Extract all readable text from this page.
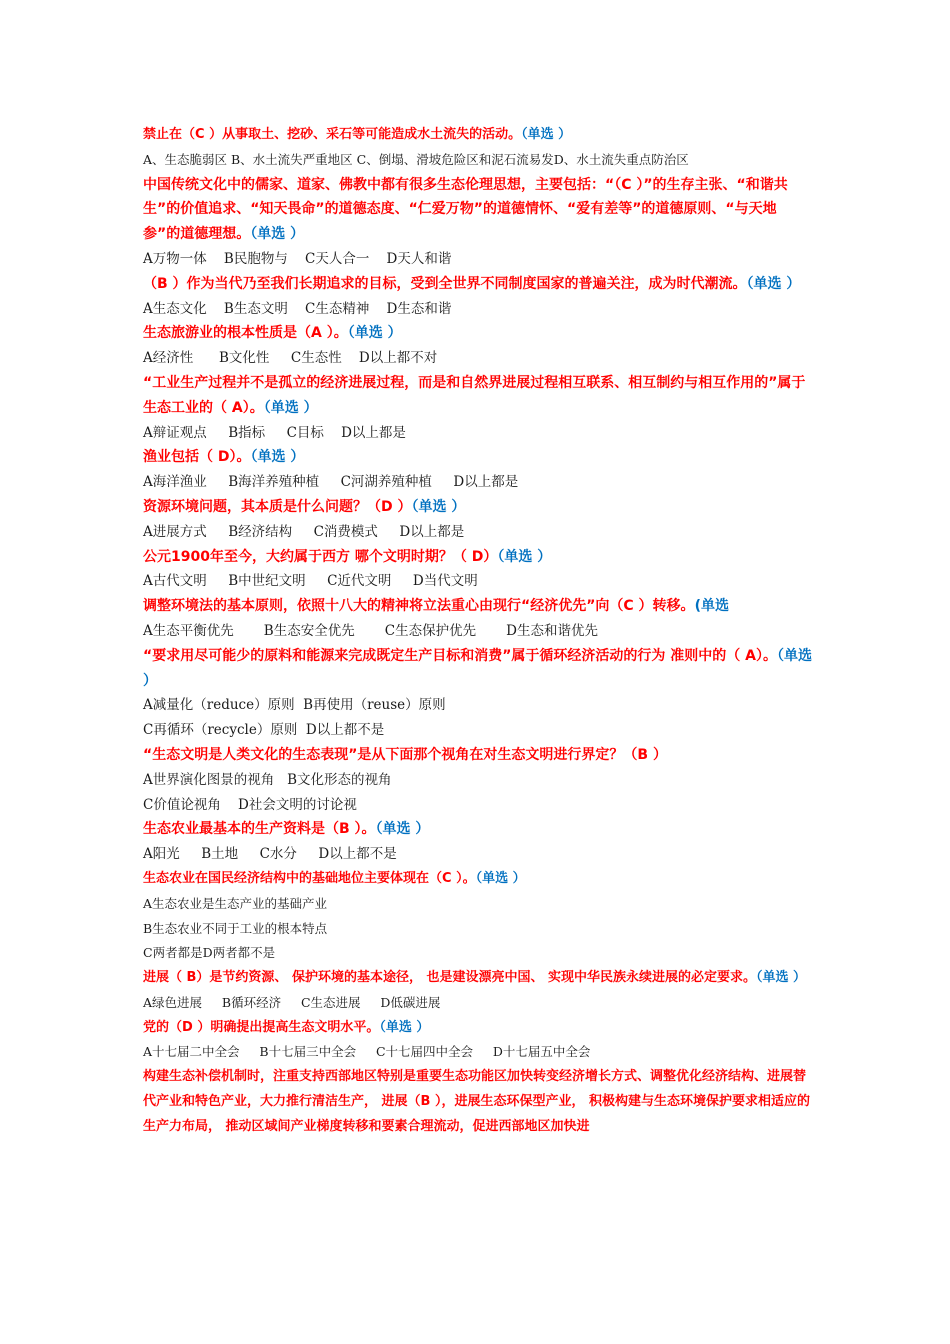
禁止在（C ）从事取土、挖砂、采石等可能造成水土流失的活动。（单选 ）

A、生态脆弱区 B、水土流失严重地区 C、倒塌、滑坡危险区和泥石流易发D、水土流失重点防治区

中国传统文化中的儒家、道家、佛教中都有很多生态伦理思想，主要包括：“（C ）”的生存主张、“和谐共生”的价值追求、“知天畏命”的道德态度、“仁爱万物”的道德情怀、“爱有差等”的道德原则、“与天地参”的道德理想。（单选 ）

A万物一体    B民胞物与    C天人合一    D天人和谐

（B ）作为当代乃至我们长期追求的目标，受到全世界不同制度国家的普遍关注，成为时代潮流。（单选 ）

A生态文化    B生态文明    C生态精神    D生态和谐

生态旅游业的根本性质是（A ）。（单选 ）

A经济性      B文化性     C生态性    D以上都不对

“工业生产过程并不是孤立的经济进展过程，而是和自然界进展过程相互联系、相互制约与相互作用的”属于生态工业的（ A）。（单选 ）

A辩证观点     B指标     C目标    D以上都是

渔业包括（ D）。（单选 ）

A海洋渔业     B海洋养殖种植     C河湖养殖种植     D以上都是

资源环境问题，其本质是什么问题？（D ）（单选 ）

A进展方式     B经济结构     C消费模式     D以上都是

公元1900年至今，大约属于西方 哪个文明时期？（ D）（单选 ）

A古代文明     B中世纪文明     C近代文明     D当代文明

调整环境法的基本原则，依照十八大的精神将立法重心由现行“经济优先”向（C ）转移。(单选

A生态平衡优先       B生态安全优先       C生态保护优先       D生态和谐优先

“要求用尽可能少的原料和能源来完成既定生产目标和消费”属于循环经济活动的行为 准则中的（ A）。（单选 ）

A减量化（reduce）原则  B再使用（reuse）原则

C再循环（recycle）原则  D以上都不是

“生态文明是人类文化的生态表现”是从下面那个视角在对生态文明进行界定？（B ）

A世界演化图景的视角   B文化形态的视角

C价值论视角    D社会文明的讨论视

生态农业最基本的生产资料是（B ）。（单选 ）

A阳光     B土地     C水分     D以上都不是

生态农业在国民经济结构中的基础地位主要体现在（C ）。（单选 ）

A生态农业是生态产业的基础产业

B生态农业不同于工业的根本特点

C两者都是D两者都不是

进展（ B）是节约资源、 保护环境的基本途径， 也是建设漂亮中国、 实现中华民族永续进展的必定要求。（单选 ）

A绿色进展     B循环经济     C生态进展     D低碳进展

党的（D ）明确提出提高生态文明水平。（单选 ）

A十七届二中全会     B十七届三中全会     C十七届四中全会     D十七届五中全会

构建生态补偿机制时，注重支持西部地区特别是重要生态功能区加快转变经济增长方式、调整优化经济结构、进展替代产业和特色产业，大力推行清洁生产， 进展（B ），进展生态环保型产业， 积极构建与生态环境保护要求相适应的生产力布局， 推动区域间产业梯度转移和要素合理流动，促进西部地区加快进
